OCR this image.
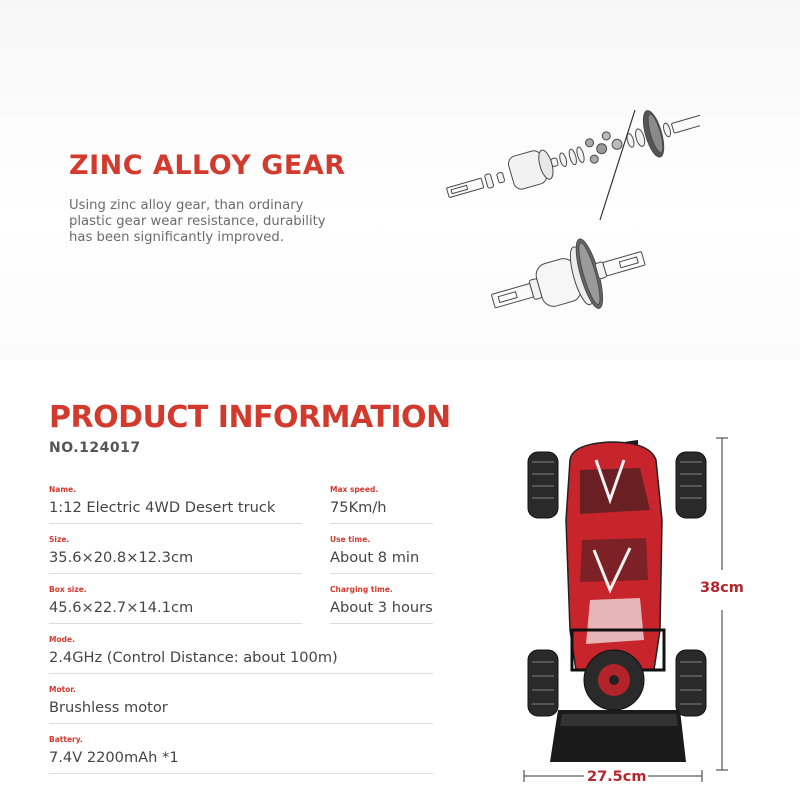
ZINC ALLOY GEAR

Using zinc alloy gear, than ordinary
plastic gear wear resistance, durability
has been significantly improved.

PRODUCT INFORMATION
NO.124017
Name.
1:12 Electric 4WD Desert truck
Max speed.
75Km/h
Size.
35.6×20.8×12.3cm
Use time.
About 8 min
Box size.
45.6×22.7×14.1cm
Charging time.
About 3 hours
Mode.
2.4GHz (Control Distance: about 100m)
Motor.
Brushless motor
Battery.
7.4V 2200mAh *1
38cm
27.5cm
